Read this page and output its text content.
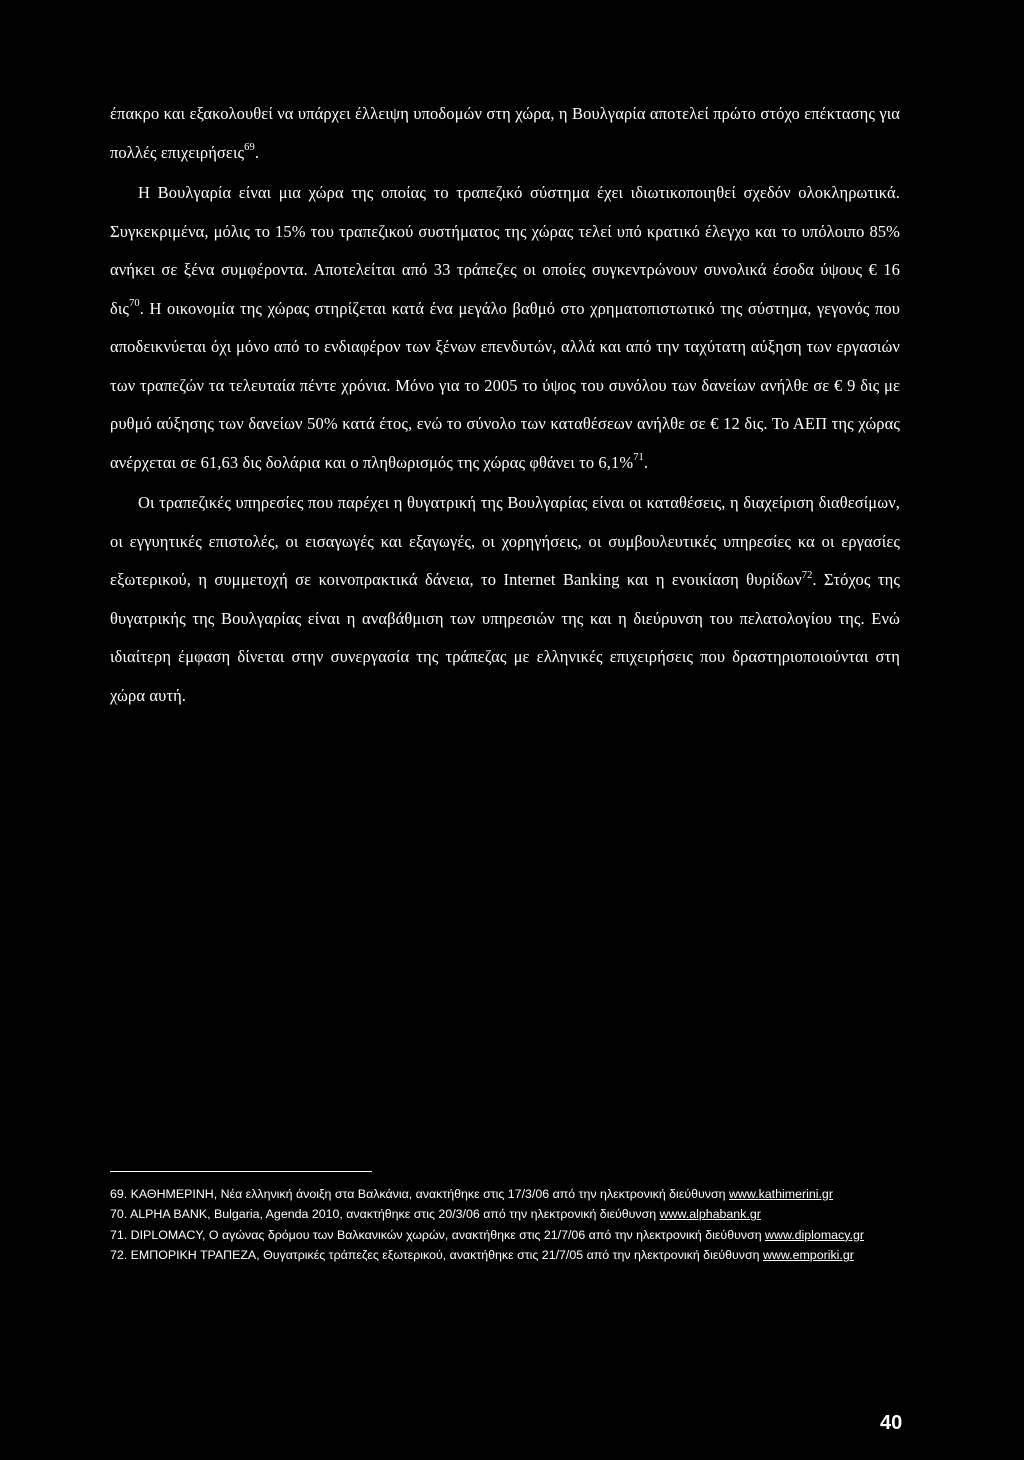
έπακρο και εξακολουθεί να υπάρχει έλλειψη υποδομών στη χώρα, η Βουλγαρία αποτελεί πρώτο στόχο επέκτασης για πολλές επιχειρήσεις$^{69}$.

Η Βουλγαρία είναι μια χώρα της οποίας το τραπεζικό σύστημα έχει ιδιωτικοποιηθεί σχεδόν ολοκληρωτικά. Συγκεκριμένα, μόλις το 15% του τραπεζικού συστήματος της χώρας τελεί υπό κρατικό έλεγχο και το υπόλοιπο 85% ανήκει σε ξένα συμφέροντα. Αποτελείται από 33 τράπεζες οι οποίες συγκεντρώνουν συνολικά έσοδα ύψους € 16 δις$^{70}$. Η οικονομία της χώρας στηρίζεται κατά ένα μεγάλο βαθμό στο χρηματοπιστωτικό της σύστημα, γεγονός που αποδεικνύεται όχι μόνο από το ενδιαφέρον των ξένων επενδυτών, αλλά και από την ταχύτατη αύξηση των εργασιών των τραπεζών τα τελευταία πέντε χρόνια. Μόνο για το 2005 το ύψος του συνόλου των δανείων ανήλθε σε € 9 δις με ρυθμό αύξησης των δανείων 50% κατά έτος, ενώ το σύνολο των καταθέσεων ανήλθε σε € 12 δις. Το ΑΕΠ της χώρας ανέρχεται σε 61,63 δις δολάρια και ο πληθωρισμός της χώρας φθάνει το 6,1%$^{71}$.

Οι τραπεζικές υπηρεσίες που παρέχει η θυγατρική της Βουλγαρίας είναι οι καταθέσεις, η διαχείριση διαθεσίμων, οι εγγυητικές επιστολές, οι εισαγωγές και εξαγωγές, οι χορηγήσεις, οι συμβουλευτικές υπηρεσίες κα οι εργασίες εξωτερικού, η συμμετοχή σε κοινοπρακτικά δάνεια, το Internet Banking και η ενοικίαση θυρίδων$^{72}$. Στόχος της θυγατρικής της Βουλγαρίας είναι η αναβάθμιση των υπηρεσιών της και η διεύρυνση του πελατολογίου της. Ενώ ιδιαίτερη έμφαση δίνεται στην συνεργασία της τράπεζας με ελληνικές επιχειρήσεις που δραστηριοποιούνται στη χώρα αυτή.

69. ΚΑΘΗΜΕΡΙΝΗ, Νέα ελληνική άνοιξη στα Βαλκάνια, ανακτήθηκε στις 17/3/06 από την ηλεκτρονική διεύθυνση www.kathimerini.gr

70. ALPHA BANK, Bulgaria, Agenda 2010, ανακτήθηκε στις 20/3/06 από την ηλεκτρονική διεύθυνση www.alphabank.gr

71. DIPLOMACY, Ο αγώνας δρόμου των Βαλκανικών χωρών, ανακτήθηκε στις 21/7/06 από την ηλεκτρονική διεύθυνση www.diplomacy.gr

72. ΕΜΠΟΡΙΚΗ ΤΡΑΠΕΖΑ, Θυγατρικές τράπεζες εξωτερικού, ανακτήθηκε στις 21/7/05 από την ηλεκτρονική διεύθυνση www.emporiki.gr

40
